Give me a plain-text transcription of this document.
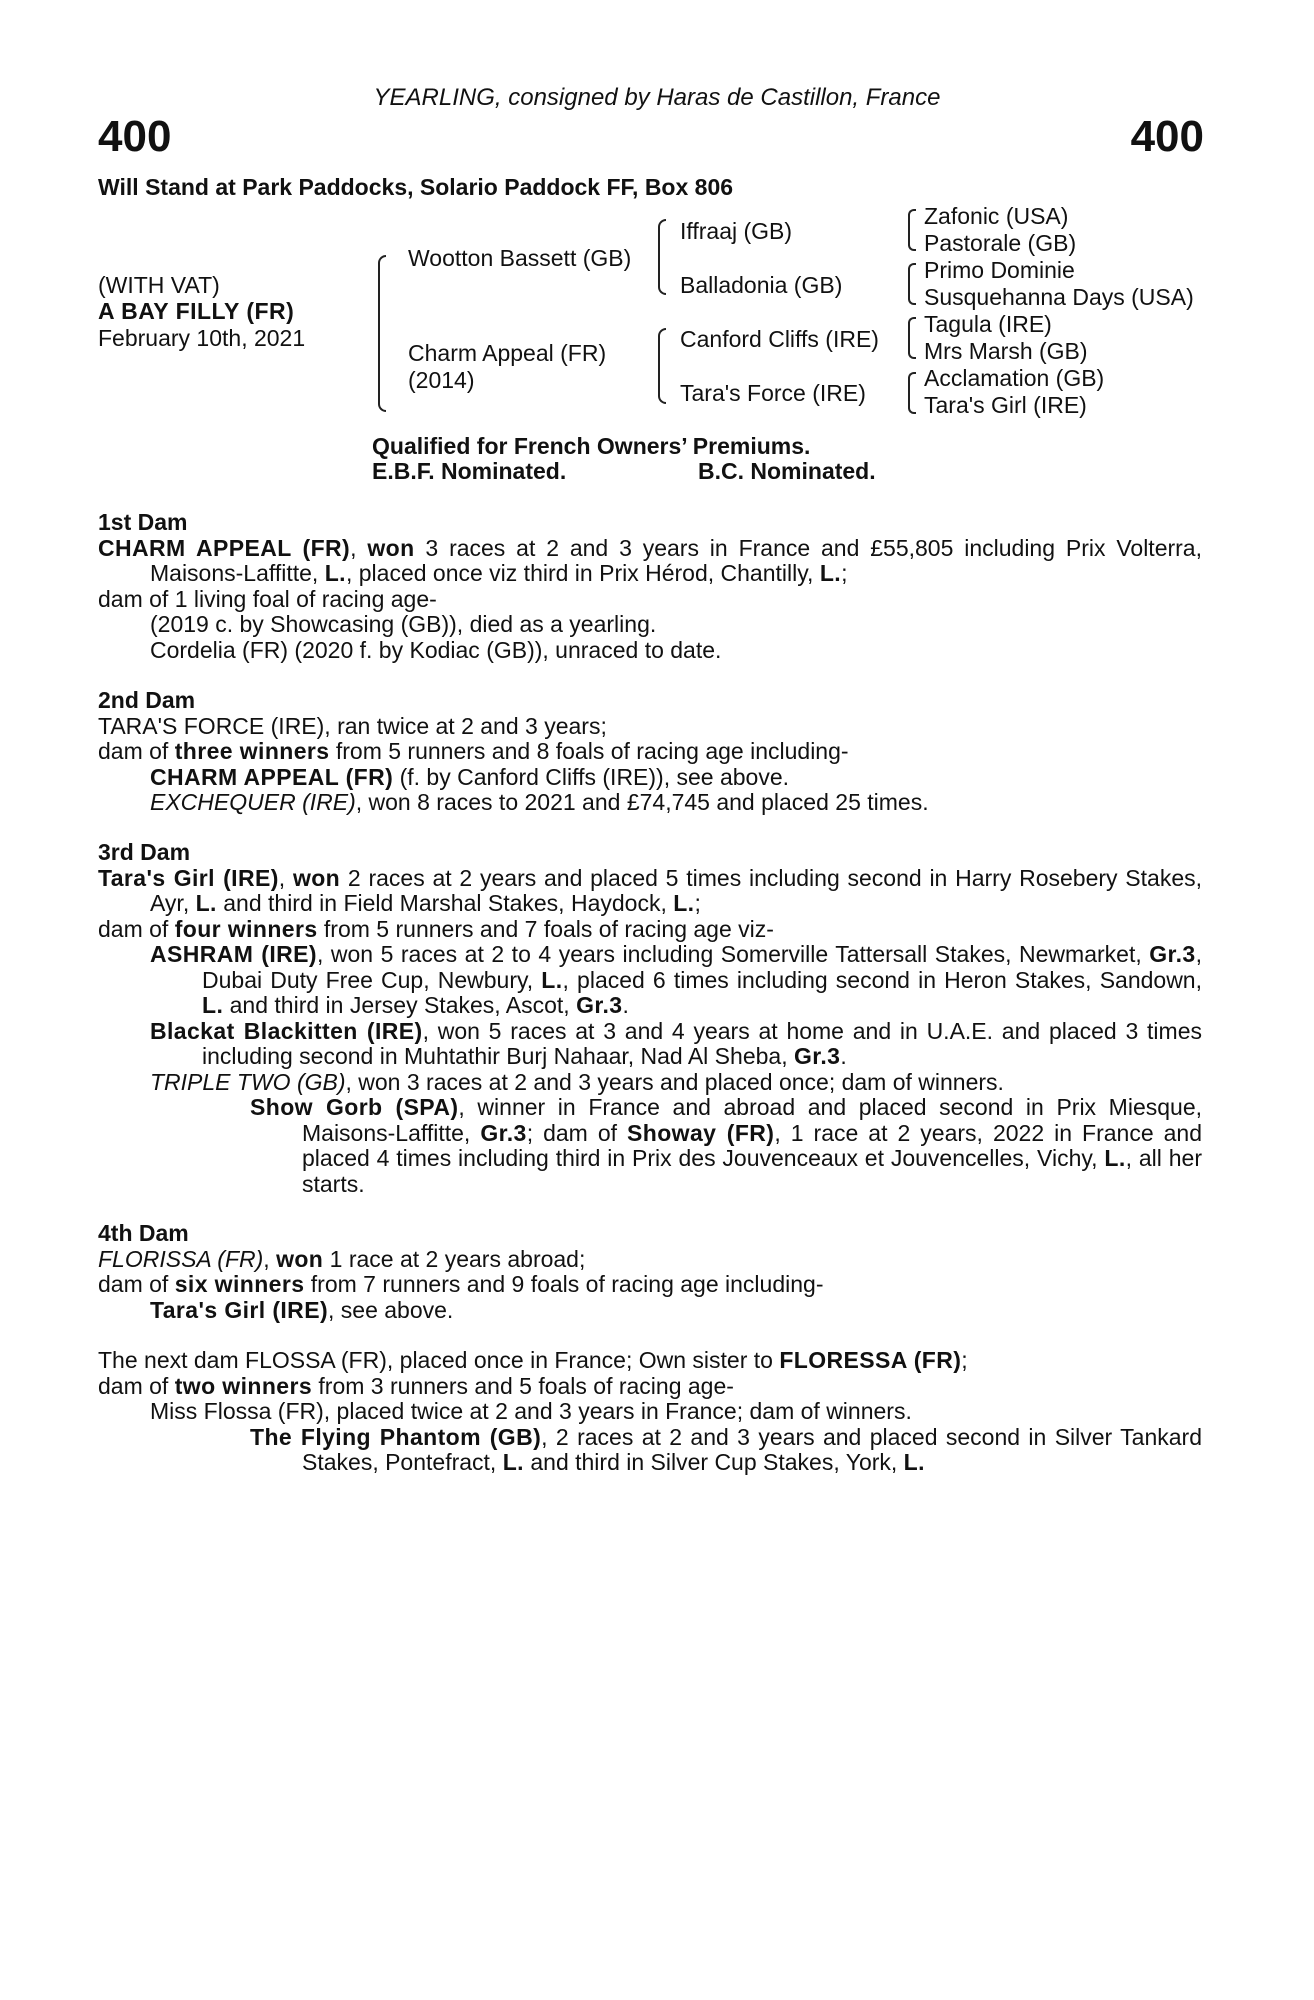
YEARLING, consigned by Haras de Castillon, France
400	400
Will Stand at Park Paddocks, Solario Paddock FF, Box 806
(WITH VAT)
A BAY FILLY (FR)
February 10th, 2021
Wootton Bassett (GB)
Charm Appeal (FR)
(2014)
Iffraaj (GB)
Balladonia (GB)
Canford Cliffs (IRE)
Tara's Force (IRE)
Zafonic (USA)
Pastorale (GB)
Primo Dominie
Susquehanna Days (USA)
Tagula (IRE)
Mrs Marsh (GB)
Acclamation (GB)
Tara's Girl (IRE)
Qualified for French Owners’ Premiums.
E.B.F. Nominated.	B.C. Nominated.

1st Dam

CHARM APPEAL (FR), won 3 races at 2 and 3 years in France and £55,805 including Prix Volterra, Maisons-Laffitte, L., placed once viz third in Prix Hérod, Chantilly, L.;

dam of 1 living foal of racing age-

(2019 c. by Showcasing (GB)), died as a yearling.

Cordelia (FR) (2020 f. by Kodiac (GB)), unraced to date.

2nd Dam

TARA'S FORCE (IRE), ran twice at 2 and 3 years;

dam of three winners from 5 runners and 8 foals of racing age including-

CHARM APPEAL (FR) (f. by Canford Cliffs (IRE)), see above.

EXCHEQUER (IRE), won 8 races to 2021 and £74,745 and placed 25 times.

3rd Dam

Tara's Girl (IRE), won 2 races at 2 years and placed 5 times including second in Harry Rosebery Stakes, Ayr, L. and third in Field Marshal Stakes, Haydock, L.;

dam of four winners from 5 runners and 7 foals of racing age viz-

ASHRAM (IRE), won 5 races at 2 to 4 years including Somerville Tattersall Stakes, Newmarket, Gr.3, Dubai Duty Free Cup, Newbury, L., placed 6 times including second in Heron Stakes, Sandown, L. and third in Jersey Stakes, Ascot, Gr.3.

Blackat Blackitten (IRE), won 5 races at 3 and 4 years at home and in U.A.E. and placed 3 times including second in Muhtathir Burj Nahaar, Nad Al Sheba, Gr.3.

TRIPLE TWO (GB), won 3 races at 2 and 3 years and placed once; dam of winners.

Show Gorb (SPA), winner in France and abroad and placed second in Prix Miesque, Maisons-Laffitte, Gr.3; dam of Showay (FR), 1 race at 2 years, 2022 in France and placed 4 times including third in Prix des Jouvenceaux et Jouvencelles, Vichy, L., all her starts.

4th Dam

FLORISSA (FR), won 1 race at 2 years abroad;

dam of six winners from 7 runners and 9 foals of racing age including-

Tara's Girl (IRE), see above.

The next dam FLOSSA (FR), placed once in France; Own sister to FLORESSA (FR);

dam of two winners from 3 runners and 5 foals of racing age-

Miss Flossa (FR), placed twice at 2 and 3 years in France; dam of winners.

The Flying Phantom (GB), 2 races at 2 and 3 years and placed second in Silver Tankard Stakes, Pontefract, L. and third in Silver Cup Stakes, York, L.
